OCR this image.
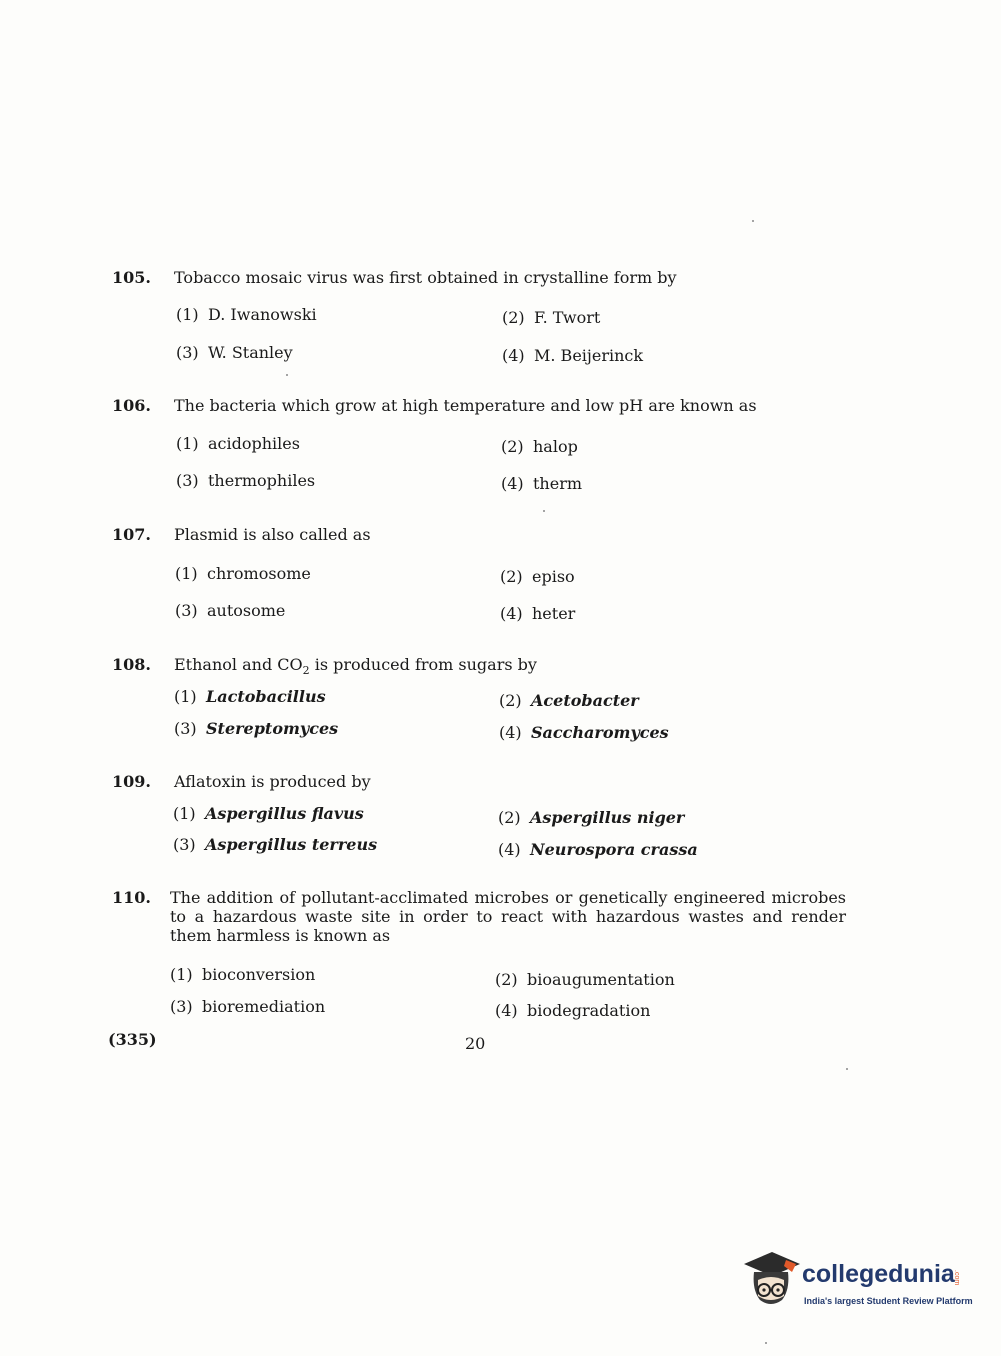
105. Tobacco mosaic virus was first obtained in crystalline form by
(1) D. Iwanowski	(2) F. Twort
(3) W. Stanley	(4) M. Beijerinck
106. The bacteria which grow at high temperature and low pH are known as
(1) acidophiles	(2) halop
(3) thermophiles	(4) therm
107. Plasmid is also called as
(1) chromosome	(2) episo
(3) autosome	(4) heter
108. Ethanol and $CO_2$ is produced from sugars by
(1) Lactobacillus	(2) Acetobacter
(3) Stereptomyces	(4) Saccharomyces
109. Aflatoxin is produced by
(1) Aspergillus flavus	(2) Aspergillus niger
(3) Aspergillus terreus	(4) Neurospora crassa
110. The addition of pollutant-acclimated microbes or genetically engineered microbes to a hazardous waste site in order to react with hazardous wastes and render them harmless is known as
(1) bioconversion	(2) bioaugumentation
(3) bioremediation	(4) biodegradation
(335)	20
collegedunia
.com
India's largest Student Review Platform
